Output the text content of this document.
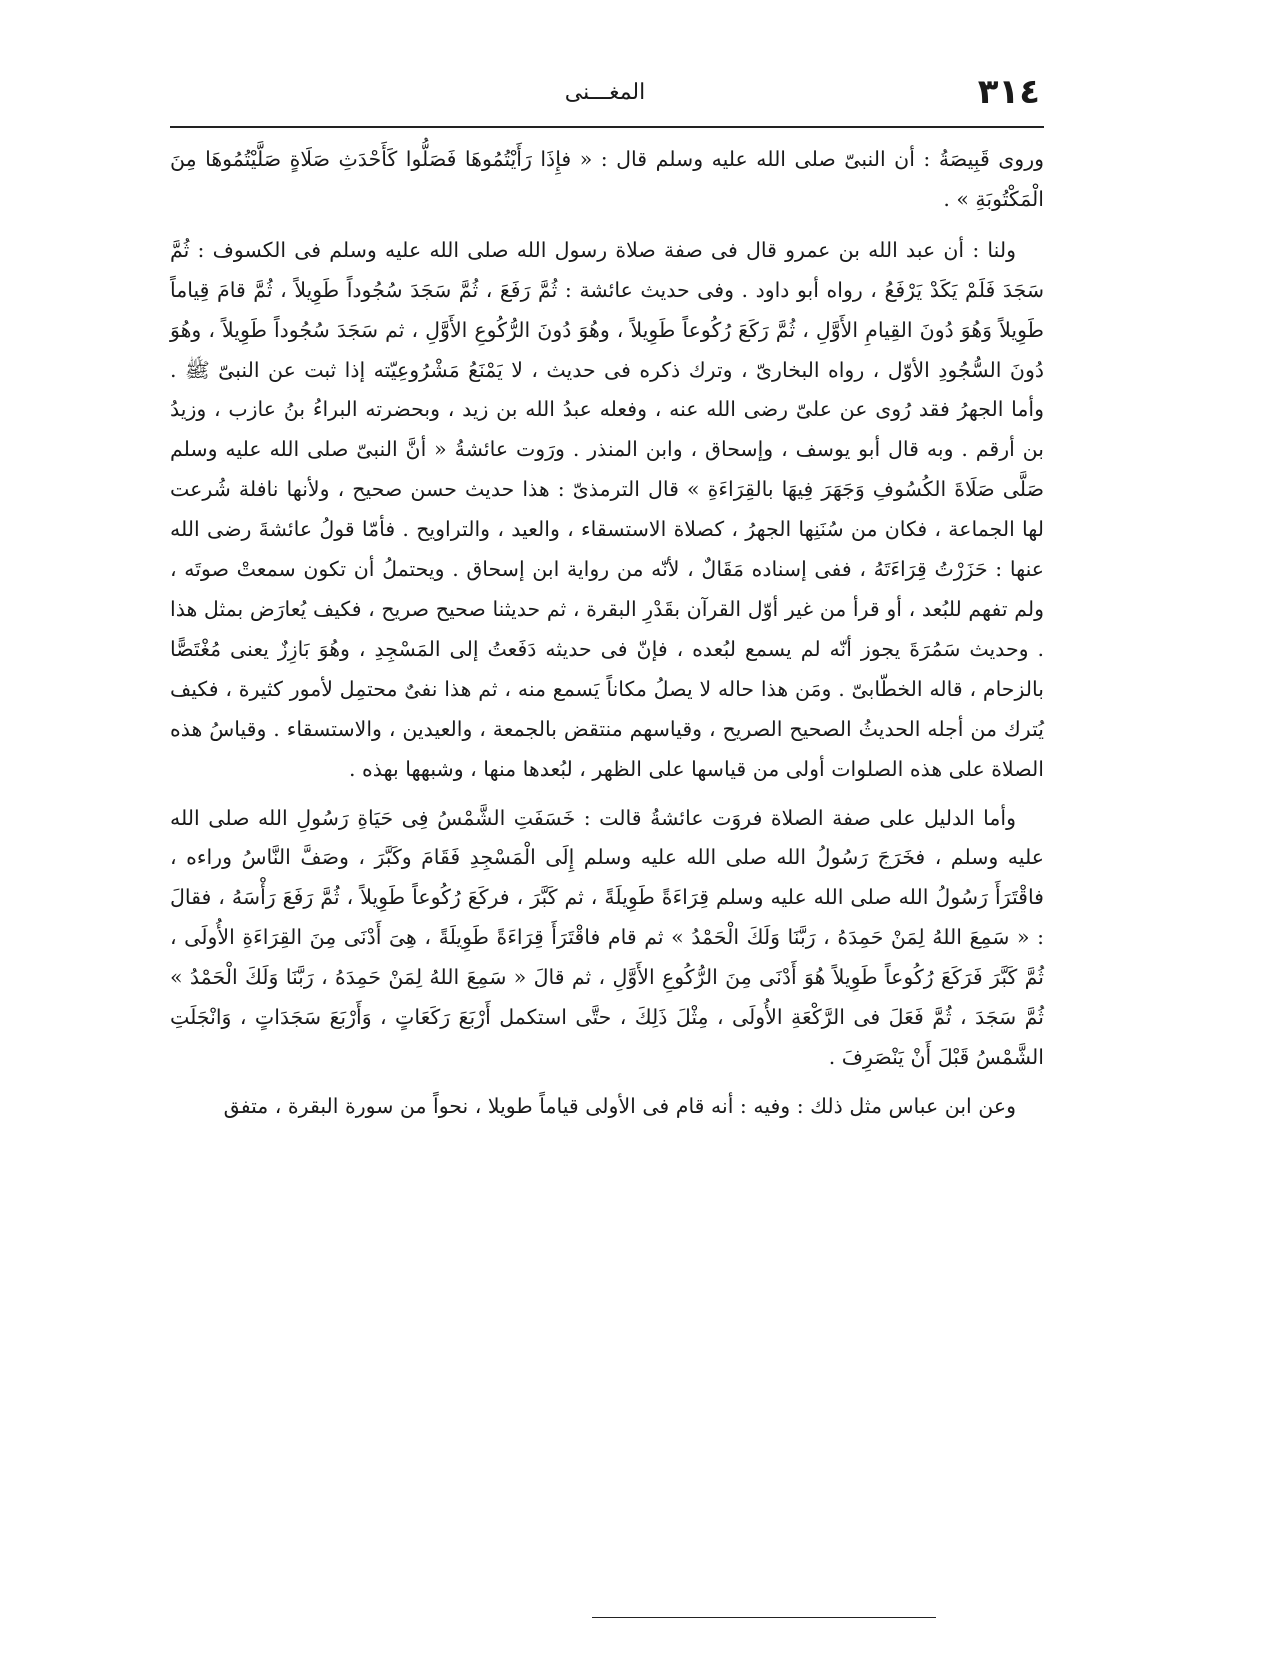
٣١٤
المغـــنى

وروى قَبِيصَةُ : أن النبىّ صلى الله عليه وسلم قال : « فإِذَا رَأَيْتُمُوهَا فَصَلُّوا كَأَحْدَثِ صَلَاةٍ صَلَّيْتُمُوهَا مِنَ الْمَكْتُوبَةِ » .

ولنا : أن عبد الله بن عمرو قال فى صفة صلاة رسول الله صلى الله عليه وسلم فى الكسوف : ثُمَّ سَجَدَ فَلَمْ يَكَدْ يَرْفَعُ ، رواه أبو داود . وفى حديث عائشة : ثُمَّ رَفَعَ ، ثُمَّ سَجَدَ سُجُوداً طَوِيلاً ، ثُمَّ قامَ قِياماً طَوِيلاً وَهُوَ دُونَ القِيامِ الأَوَّلِ ، ثُمَّ رَكَعَ رُكُوعاً طَوِيلاً ، وهُوَ دُونَ الرُّكُوعِ الأَوَّلِ ، ثم سَجَدَ سُجُوداً طَوِيلاً ، وهُوَ دُونَ السُّجُودِ الأوّل ، رواه البخارىّ ، وترك ذكره فى حديث ، لا يَمْنَعُ مَشْرُوعِيّته إذا ثبت عن النبىّ ﷺ . وأما الجهرُ فقد رُوى عن علىّ رضى الله عنه ، وفعله عبدُ الله بن زيد ، وبحضرته البراءُ بنُ عازب ، وزيدُ بن أرقم . وبه قال أبو يوسف ، وإسحاق ، وابن المنذر . ورَوت عائشةُ « أنَّ النبىّ صلى الله عليه وسلم صَلَّى صَلَاةَ الكُسُوفِ وَجَهَرَ فِيهَا بالقِرَاءَةِ » قال الترمذىّ : هذا حديث حسن صحيح ، ولأنها نافلة شُرعت لها الجماعة ، فكان من سُنَنِها الجهرُ ، كصلاة الاستسقاء ، والعيد ، والتراويح . فأمّا قولُ عائشةَ رضى الله عنها : حَزَرْتُ قِرَاءَتَهُ ، ففى إسناده مَقَالٌ ، لأنّه من رواية ابن إسحاق . ويحتملُ أن تكون سمعتْ صوتَه ، ولم تفهم للبُعد ، أو قرأ من غير أوّل القرآن بقَدْرِ البقرة ، ثم حديثنا صحيح صريح ، فكيف يُعارَض بمثل هذا . وحديث سَمُرَةَ يجوز أنّه لم يسمع لبُعده ، فإنّ فى حديثه دَفَعتُ إلى المَسْجِدِ ، وهُوَ بَازِزٌ يعنى مُغْتَصًّا بالزحام ، قاله الخطّابىّ . ومَن هذا حاله لا يصلُ مكاناً يَسمع منه ، ثم هذا نفىٌ محتمِل لأمور كثيرة ، فكيف يُترك من أجله الحديثُ الصحيح الصريح ، وقياسهم منتقض بالجمعة ، والعيدين ، والاستسقاء . وقياسُ هذه الصلاة على هذه الصلوات أولى من قياسها على الظهر ، لبُعدها منها ، وشبهها بهذه .

وأما الدليل على صفة الصلاة فروَت عائشةُ قالت : خَسَفَتِ الشَّمْسُ فِى حَيَاةِ رَسُولِ الله صلى الله عليه وسلم ، فخَرَجَ رَسُولُ الله صلى الله عليه وسلم إِلَى الْمَسْجِدِ فَقَامَ وكَبَّرَ ، وصَفَّ النَّاسُ وراءه ، فاقْتَرَأَ رَسُولُ الله صلى الله عليه وسلم قِرَاءَةً طَوِيلَةً ، ثم كَبَّرَ ، فركَعَ رُكُوعاً طَوِيلاً ، ثُمَّ رَفَعَ رَأْسَهُ ، فقالَ : « سَمِعَ اللهُ لِمَنْ حَمِدَهُ ، رَبَّنَا وَلَكَ الْحَمْدُ » ثم قام فاقْتَرَأَ قِرَاءَةً طَوِيلَةً ، هِىَ أَدْنَى مِنَ القِرَاءَةِ الأُولَى ، ثُمَّ كَبَّرَ فَرَكَعَ رُكُوعاً طَوِيلاً هُوَ أَدْنَى مِنَ الرُّكُوعِ الأَوَّلِ ، ثم قالَ « سَمِعَ اللهُ لِمَنْ حَمِدَهُ ، رَبَّنَا وَلَكَ الْحَمْدُ » ثُمَّ سَجَدَ ، ثُمَّ فَعَلَ فى الرَّكْعَةِ الأُولَى ، مِثْلَ ذَلِكَ ، حتَّى استكمل أَرْبَعَ رَكَعَاتٍ ، وَأَرْبَعَ سَجَدَاتٍ ، وَانْجَلَتِ الشَّمْسُ قَبْلَ أَنْ يَنْصَرِفَ .

وعن ابن عباس مثل ذلك : وفيه : أنه قام فى الأولى قياماً طويلا ، نحواً من سورة البقرة ، متفق
